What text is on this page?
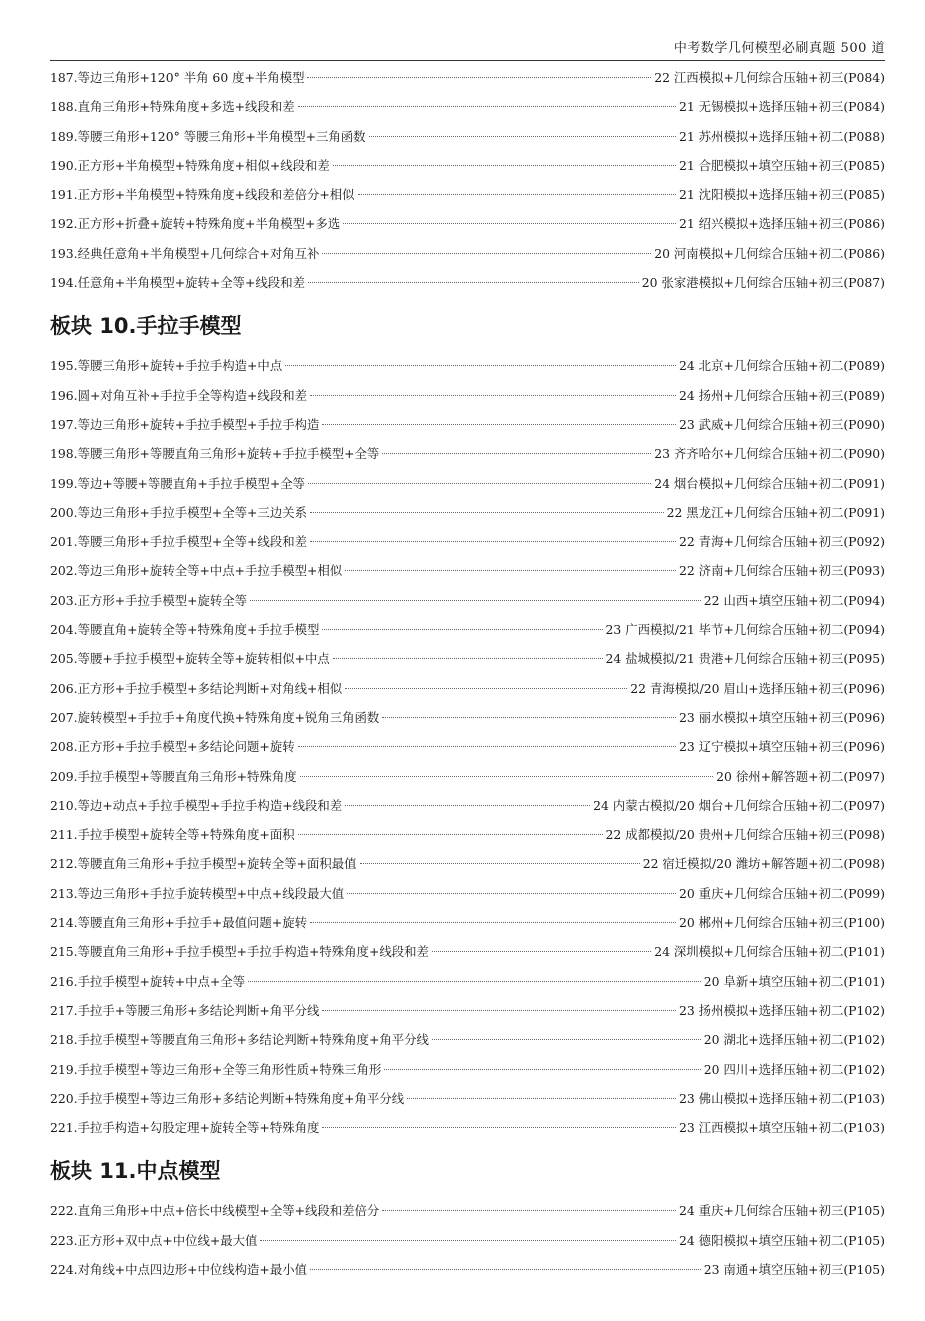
中考数学几何模型必刷真题 500 道
187. 等边三角形+120° 半角 60 度+半角模型	22 江西模拟+几何综合压轴+初三(P084)
188. 直角三角形+特殊角度+多选+线段和差	21 无锡模拟+选择压轴+初三(P084)
189. 等腰三角形+120° 等腰三角形+半角模型+三角函数	21 苏州模拟+选择压轴+初二(P088)
190. 正方形+半角模型+特殊角度+相似+线段和差	21 合肥模拟+填空压轴+初三(P085)
191. 正方形+半角模型+特殊角度+线段和差倍分+相似	21 沈阳模拟+选择压轴+初三(P085)
192. 正方形+折叠+旋转+特殊角度+半角模型+多选	21 绍兴模拟+选择压轴+初三(P086)
193. 经典任意角+半角模型+几何综合+对角互补	20 河南模拟+几何综合压轴+初二(P086)
194. 任意角+半角模型+旋转+全等+线段和差	20 张家港模拟+几何综合压轴+初三(P087)
板块 10.手拉手模型
195. 等腰三角形+旋转+手拉手构造+中点	24 北京+几何综合压轴+初二(P089)
196. 圆+对角互补+手拉手全等构造+线段和差	24 扬州+几何综合压轴+初三(P089)
197. 等边三角形+旋转+手拉手模型+手拉手构造	23 武威+几何综合压轴+初三(P090)
198. 等腰三角形+等腰直角三角形+旋转+手拉手模型+全等	23 齐齐哈尔+几何综合压轴+初二(P090)
199. 等边+等腰+等腰直角+手拉手模型+全等	24 烟台模拟+几何综合压轴+初二(P091)
200. 等边三角形+手拉手模型+全等+三边关系	22 黑龙江+几何综合压轴+初二(P091)
201. 等腰三角形+手拉手模型+全等+线段和差	22 青海+几何综合压轴+初三(P092)
202. 等边三角形+旋转全等+中点+手拉手模型+相似	22 济南+几何综合压轴+初三(P093)
203. 正方形+手拉手模型+旋转全等	22 山西+填空压轴+初二(P094)
204. 等腰直角+旋转全等+特殊角度+手拉手模型	23 广西模拟/21 毕节+几何综合压轴+初二(P094)
205. 等腰+手拉手模型+旋转全等+旋转相似+中点	24 盐城模拟/21 贵港+几何综合压轴+初三(P095)
206. 正方形+手拉手模型+多结论判断+对角线+相似	22 青海模拟/20 眉山+选择压轴+初三(P096)
207. 旋转模型+手拉手+角度代换+特殊角度+锐角三角函数	23 丽水模拟+填空压轴+初三(P096)
208. 正方形+手拉手模型+多结论问题+旋转	23 辽宁模拟+填空压轴+初三(P096)
209. 手拉手模型+等腰直角三角形+特殊角度	20 徐州+解答题+初二(P097)
210. 等边+动点+手拉手模型+手拉手构造+线段和差	24 内蒙古模拟/20 烟台+几何综合压轴+初二(P097)
211. 手拉手模型+旋转全等+特殊角度+面积	22 成都模拟/20 贵州+几何综合压轴+初三(P098)
212. 等腰直角三角形+手拉手模型+旋转全等+面积最值	22 宿迁模拟/20 潍坊+解答题+初二(P098)
213. 等边三角形+手拉手旋转模型+中点+线段最大值	20 重庆+几何综合压轴+初二(P099)
214. 等腰直角三角形+手拉手+最值问题+旋转	20 郴州+几何综合压轴+初三(P100)
215. 等腰直角三角形+手拉手模型+手拉手构造+特殊角度+线段和差	24 深圳模拟+几何综合压轴+初二(P101)
216. 手拉手模型+旋转+中点+全等	20 阜新+填空压轴+初二(P101)
217. 手拉手+等腰三角形+多结论判断+角平分线	23 扬州模拟+选择压轴+初二(P102)
218. 手拉手模型+等腰直角三角形+多结论判断+特殊角度+角平分线	20 湖北+选择压轴+初二(P102)
219. 手拉手模型+等边三角形+全等三角形性质+特殊三角形	20 四川+选择压轴+初二(P102)
220. 手拉手模型+等边三角形+多结论判断+特殊角度+角平分线	23 佛山模拟+选择压轴+初二(P103)
221. 手拉手构造+勾股定理+旋转全等+特殊角度	23 江西模拟+填空压轴+初二(P103)
板块 11.中点模型
222. 直角三角形+中点+倍长中线模型+全等+线段和差倍分	24 重庆+几何综合压轴+初三(P105)
223. 正方形+双中点+中位线+最大值	24 德阳模拟+填空压轴+初二(P105)
224. 对角线+中点四边形+中位线构造+最小值	23 南通+填空压轴+初三(P105)
